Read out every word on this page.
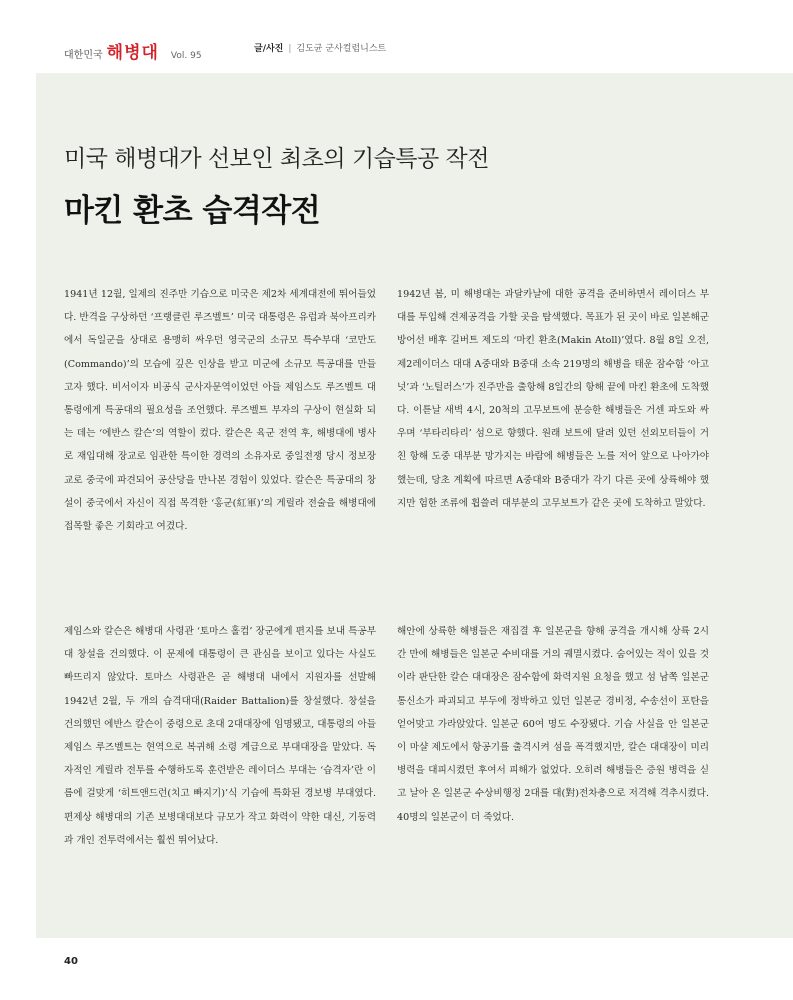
대한민국 해병대 Vol. 95
글/사진 | 김도균 군사컬럼니스트
미국 해병대가 선보인 최초의 기습특공 작전
마킨 환초 습격작전

1941년 12월, 일제의 진주만 기습으로 미국은 제2차 세계대전에 뛰어들었다. 반격을 구상하던 ‘프랭클린 루즈벨트’ 미국 대통령은 유럽과 북아프리카에서 독일군을 상대로 용맹히 싸우던 영국군의 소규모 특수부대 ‘코만도(Commando)’의 모습에 깊은 인상을 받고 미군에 소규모 특공대를 만들고자 했다. 비서이자 비공식 군사자문역이었던 아들 제임스도 루즈벨트 대통령에게 특공대의 필요성을 조언했다. 루즈벨트 부자의 구상이 현실화 되는 데는 ‘에반스 칼슨’의 역할이 컸다. 칼슨은 육군 전역 후, 해병대에 병사로 재입대해 장교로 임관한 특이한 경력의 소유자로 중일전쟁 당시 정보장교로 중국에 파견되어 공산당을 만나본 경험이 있었다. 칼슨은 특공대의 창설이 중국에서 자신이 직접 목격한 ‘홍군(紅軍)’의 게릴라 전술을 해병대에 접목할 좋은 기회라고 여겼다.

1942년 봄, 미 해병대는 과달카날에 대한 공격을 준비하면서 레이더스 부대를 투입해 견제공격을 가할 곳을 탐색했다. 목표가 된 곳이 바로 일본해군 방어선 배후 길버트 제도의 ‘마킨 환초(Makin Atoll)’였다. 8월 8일 오전, 제2레이더스 대대 A중대와 B중대 소속 219명의 해병을 태운 잠수함 ‘아고넛’과 ‘노틸러스’가 진주만을 출항해 8일간의 항해 끝에 마킨 환초에 도착했다. 이튿날 새벽 4시, 20척의 고무보트에 분승한 해병들은 거센 파도와 싸우며 ‘부타리타리’ 섬으로 향했다. 원래 보트에 달려 있던 선외모터들이 거친 항해 도중 대부분 망가지는 바람에 해병들은 노를 저어 앞으로 나아가야 했는데, 당초 계획에 따르면 A중대와 B중대가 각기 다른 곳에 상륙해야 했지만 험한 조류에 휩쓸려 대부분의 고무보트가 같은 곳에 도착하고 말았다.

제임스와 칼슨은 해병대 사령관 ‘토마스 홀컴’ 장군에게 편지를 보내 특공부대 창설을 건의했다. 이 문제에 대통령이 큰 관심을 보이고 있다는 사실도 빠뜨리지 않았다. 토마스 사령관은 곧 해병대 내에서 지원자를 선발해 1942년 2월, 두 개의 습격대대(Raider Battalion)를 창설했다. 창설을 건의했던 에반스 칼슨이 중령으로 초대 2대대장에 임명됐고, 대통령의 아들 제임스 루즈벨트는 현역으로 복귀해 소령 계급으로 부대대장을 맡았다. 독자적인 게릴라 전투를 수행하도록 훈련받은 레이더스 부대는 ‘습격자’란 이름에 걸맞게 ‘히트앤드런(치고 빠지기)’식 기습에 특화된 경보병 부대였다. 편제상 해병대의 기존 보병대대보다 규모가 작고 화력이 약한 대신, 기동력과 개인 전투력에서는 훨씬 뛰어났다.

해안에 상륙한 해병들은 재집결 후 일본군을 향해 공격을 개시해 상륙 2시간 만에 해병들은 일본군 수비대를 거의 궤멸시켰다. 숨어있는 적이 있을 것이라 판단한 칼슨 대대장은 잠수함에 화력지원 요청을 했고 섬 남쪽 일본군 통신소가 파괴되고 부두에 정박하고 있던 일본군 경비정, 수송선이 포탄을 얻어맞고 가라앉았다. 일본군 60여 명도 수장됐다. 기습 사실을 안 일본군이 마샬 제도에서 항공기를 출격시켜 섬을 폭격했지만, 칼슨 대대장이 미리 병력을 대피시켰던 후여서 피해가 없었다. 오히려 해병들은 증원 병력을 싣고 날아 온 일본군 수상비행정 2대를 대(對)전차총으로 저격해 격추시켰다. 40명의 일본군이 더 죽었다.

40
